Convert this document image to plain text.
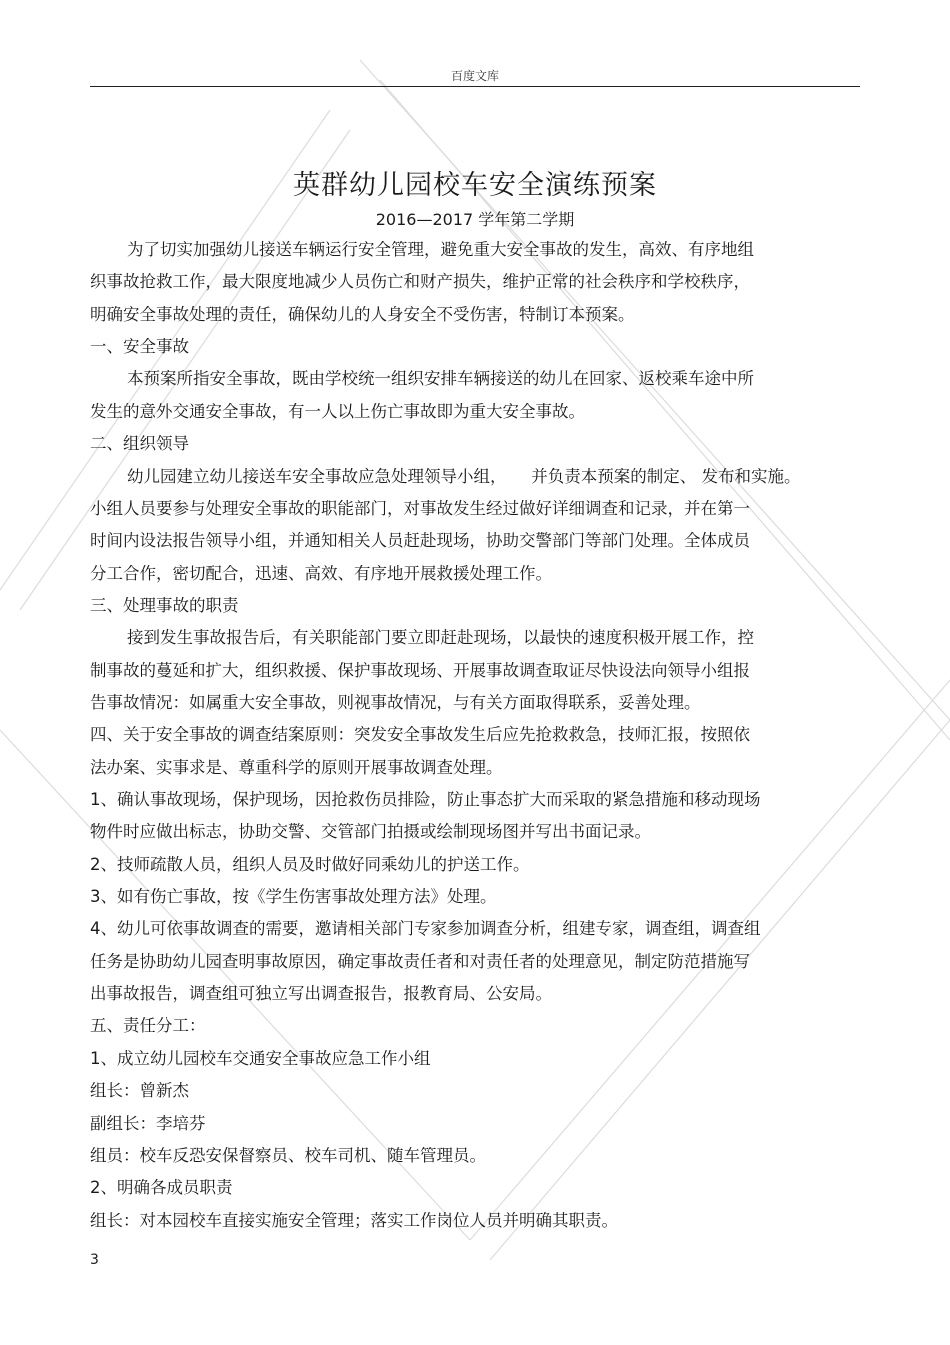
百度文库
英群幼儿园校车安全演练预案
2016—2017 学年第二学期
为了切实加强幼儿接送车辆运行安全管理，避免重大安全事故的发生，高效、有序地组
织事故抢救工作，最大限度地减少人员伤亡和财产损失，维护正常的社会秩序和学校秩序，
明确安全事故处理的责任，确保幼儿的人身安全不受伤害，特制订本预案。
一、安全事故
本预案所指安全事故，既由学校统一组织安排车辆接送的幼儿在回家、返校乘车途中所
发生的意外交通安全事故，有一人以上伤亡事故即为重大安全事故。
二、组织领导
幼儿园建立幼儿接送车安全事故应急处理领导小组，　　并负责本预案的制定、 发布和实施。
小组人员要参与处理安全事故的职能部门，对事故发生经过做好详细调查和记录，并在第一
时间内设法报告领导小组，并通知相关人员赶赴现场，协助交警部门等部门处理。全体成员
分工合作，密切配合，迅速、高效、有序地开展救援处理工作。
三、处理事故的职责
接到发生事故报告后，有关职能部门要立即赶赴现场，以最快的速度积极开展工作，控
制事故的蔓延和扩大，组织救援、保护事故现场、开展事故调查取证尽快设法向领导小组报
告事故情况：如属重大安全事故，则视事故情况，与有关方面取得联系，妥善处理。
四、关于安全事故的调查结案原则：突发安全事故发生后应先抢救救急，技师汇报，按照依
法办案、实事求是、尊重科学的原则开展事故调查处理。
1、确认事故现场，保护现场，因抢救伤员排险，防止事态扩大而采取的紧急措施和移动现场
物件时应做出标志，协助交警、交管部门拍摄或绘制现场图并写出书面记录。
2、技师疏散人员，组织人员及时做好同乘幼儿的护送工作。
3、如有伤亡事故，按《学生伤害事故处理方法》处理。
4、幼儿可依事故调查的需要，邀请相关部门专家参加调查分析，组建专家，调查组，调查组
任务是协助幼儿园查明事故原因，确定事故责任者和对责任者的处理意见，制定防范措施写
出事故报告，调查组可独立写出调查报告，报教育局、公安局。
五、责任分工：
1、成立幼儿园校车交通安全事故应急工作小组
组长：曾新杰
副组长：李培芬
组员：校车反恐安保督察员、校车司机、随车管理员。
2、明确各成员职责
组长：对本园校车直接实施安全管理；落实工作岗位人员并明确其职责。
3
